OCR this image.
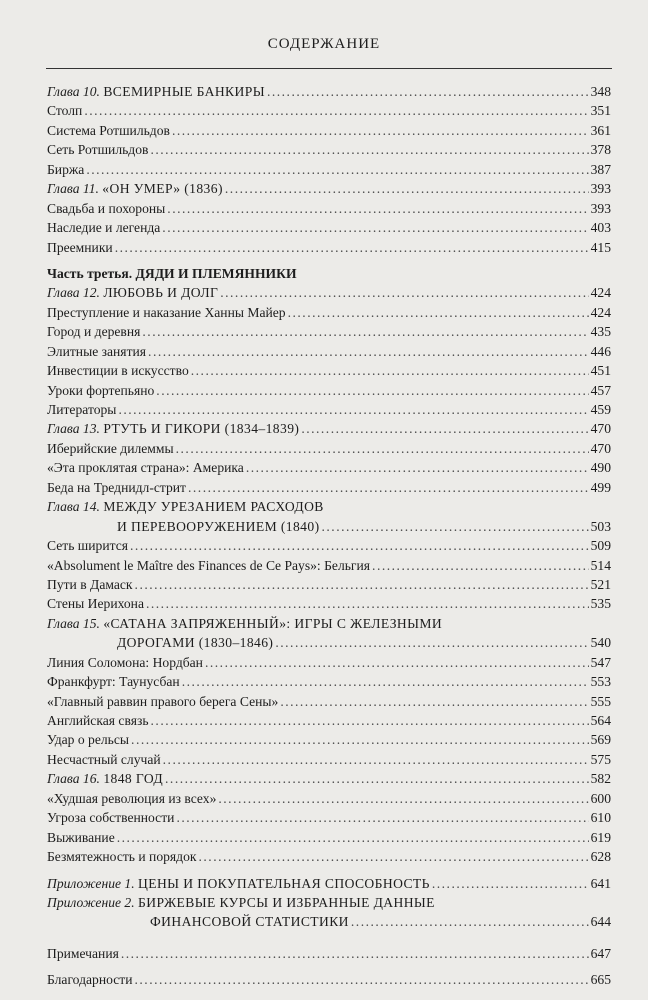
СОДЕРЖАНИЕ
Глава 10. ВСЕМИРНЫЕ БАНКИРЫ .....	348
Столп .....	351
Система Ротшильдов .....	361
Сеть Ротшильдов .....	378
Биржа .....	387
Глава 11. «ОН УМЕР» (1836) .....	393
Свадьба и похороны .....	393
Наследие и легенда .....	403
Преемники .....	415
Часть третья. ДЯДИ И ПЛЕМЯННИКИ
Глава 12. ЛЮБОВЬ И ДОЛГ .....	424
Преступление и наказание Ханны Майер .....	424
Город и деревня .....	435
Элитные занятия .....	446
Инвестиции в искусство .....	451
Уроки фортепьяно .....	457
Литераторы .....	459
Глава 13. РТУТЬ И ГИКОРИ (1834–1839) .....	470
Иберийские дилеммы .....	470
«Эта проклятая страна»: Америка .....	490
Беда на Треднидл-стрит .....	499
Глава 14. МЕЖДУ УРЕЗАНИЕМ РАСХОДОВ
И ПЕРЕВООРУЖЕНИЕМ (1840) .....	503
Сеть ширится .....	509
«Absolument le Maître des Finances de Ce Pays»: Бельгия .....	514
Пути в Дамаск .....	521
Стены Иерихона .....	535
Глава 15. «САТАНА ЗАПРЯЖЕННЫЙ»: ИГРЫ С ЖЕЛЕЗНЫМИ
ДОРОГАМИ (1830–1846) .....	540
Линия Соломона: Нордбан .....	547
Франкфурт: Таунусбан .....	553
«Главный раввин правого берега Сены» .....	555
Английская связь .....	564
Удар о рельсы .....	569
Несчастный случай .....	575
Глава 16. 1848 ГОД .....	582
«Худшая революция из всех» .....	600
Угроза собственности .....	610
Выживание .....	619
Безмятежность и порядок .....	628
Приложение 1. ЦЕНЫ И ПОКУПАТЕЛЬНАЯ СПОСОБНОСТЬ .....	641
Приложение 2. БИРЖЕВЫЕ КУРСЫ И ИЗБРАННЫЕ ДАННЫЕ
ФИНАНСОВОЙ СТАТИСТИКИ .....	644
Примечания .....	647
Благодарности .....	665
